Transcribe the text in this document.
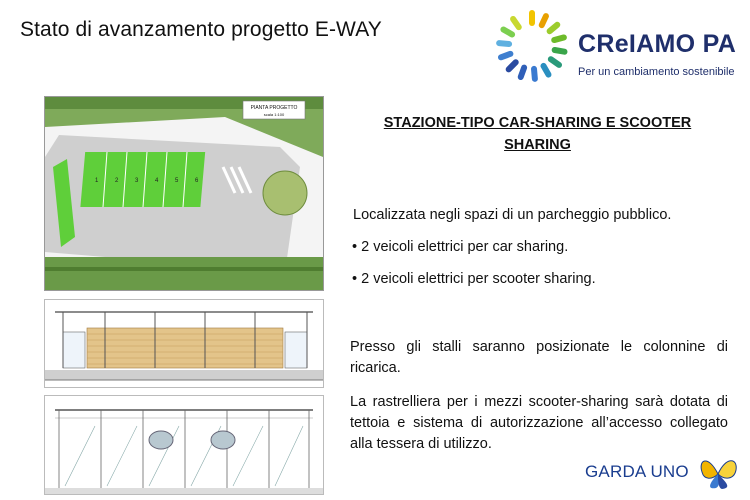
Stato di avanzamento progetto E-WAY
CReIAMO PA
Per un cambiamento sostenibile
PIANTA PROGETTO
scala 1:100
1	2	3	4	5	6
STAZIONE-TIPO CAR-SHARING E SCOOTER SHARING
Localizzata negli spazi di un parcheggio pubblico.
• 2 veicoli elettrici per car sharing.
• 2 veicoli elettrici per scooter sharing.
Presso gli stalli saranno posizionate le colonnine di ricarica.
La rastrelliera per i mezzi scooter-sharing sarà dotata di tettoia e sistema di autorizzazione all’accesso collegato alla tessera di utilizzo.
GARDA UNO
